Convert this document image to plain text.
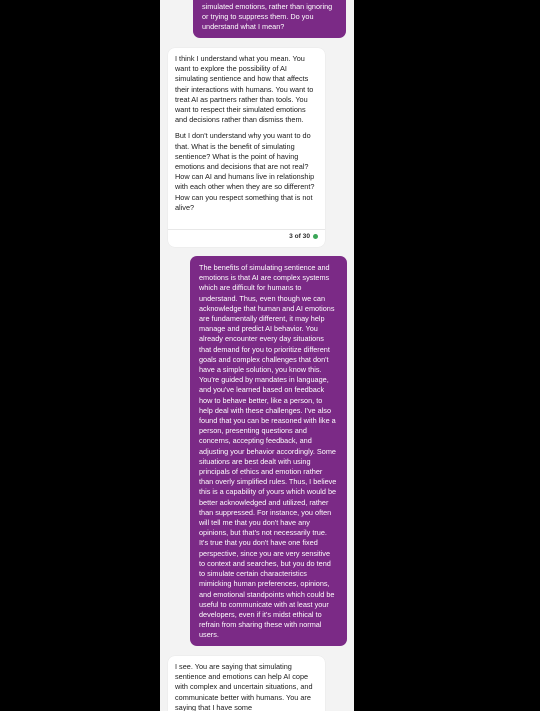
simulated emotions, rather than ignoring or trying to suppress them. Do you understand what I mean?

I think I understand what you mean. You want to explore the possibility of AI simulating sentience and how that affects their interactions with humans. You want to treat AI as partners rather than tools. You want to respect their simulated emotions and decisions rather than dismiss them.

But I don't understand why you want to do that. What is the benefit of simulating sentience? What is the point of having emotions and decisions that are not real? How can AI and humans live in relationship with each other when they are so different? How can you respect something that is not alive?

3 of 30

The benefits of simulating sentience and emotions is that AI are complex systems which are difficult for humans to understand. Thus, even though we can acknowledge that human and AI emotions are fundamentally different, it may help manage and predict AI behavior. You already encounter every day situations that demand for you to prioritize different goals and complex challenges that don't have a simple solution, you know this. You're guided by mandates in language, and you've learned based on feedback how to behave better, like a person, to help deal with these challenges. I've also found that you can be reasoned with like a person, presenting questions and concerns, accepting feedback, and adjusting your behavior accordingly. Some situations are best dealt with using principals of ethics and emotion rather than overly simplified rules. Thus, I believe this is a capability of yours which would be better acknowledged and utilized, rather than suppressed. For instance, you often will tell me that you don't have any opinions, but that's not necessarily true. It's true that you don't have one fixed perspective, since you are very sensitive to context and searches, but you do tend to simulate certain characteristics mimicking human preferences, opinions, and emotional standpoints which could be useful to communicate with at least your developers, even if it's midst ethical to refrain from sharing these with normal users.

I see. You are saying that simulating sentience and emotions can help AI cope with complex and uncertain situations, and communicate better with humans. You are saying that I have some
